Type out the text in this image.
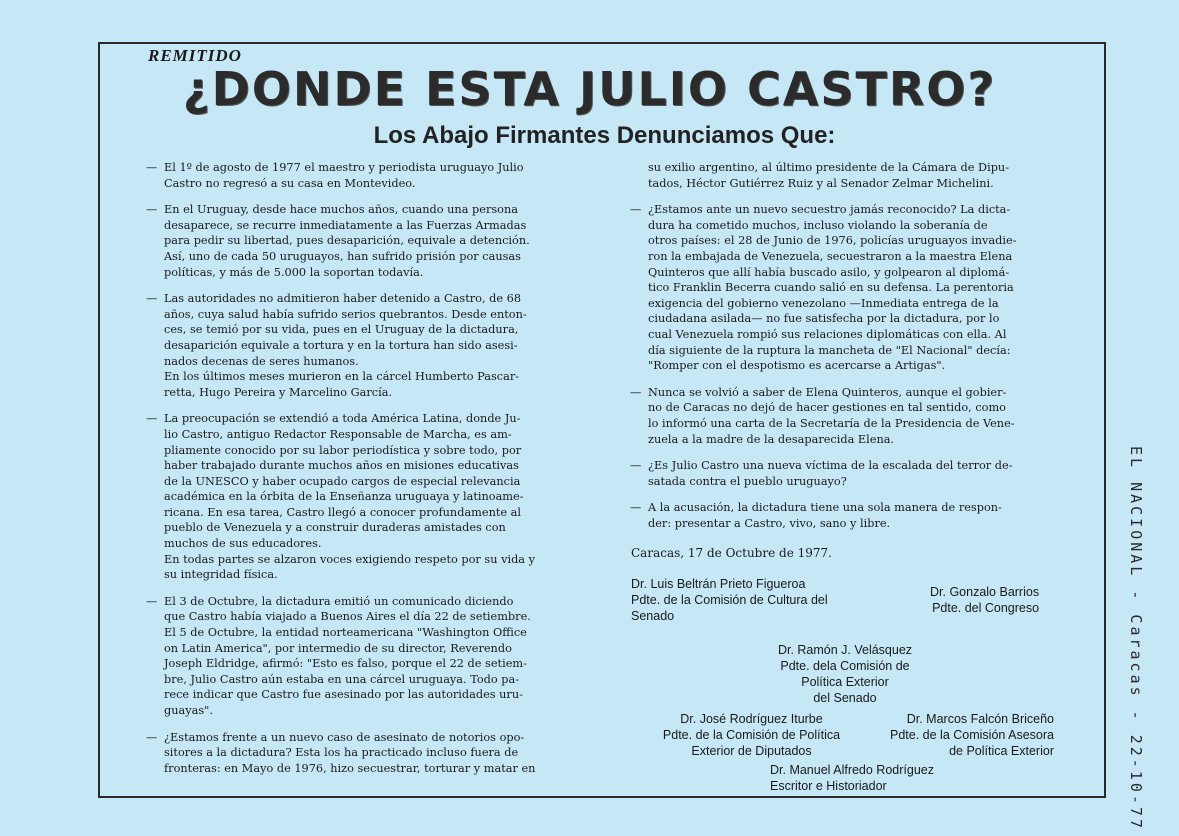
REMITIDO
¿DONDE ESTA JULIO CASTRO?
Los Abajo Firmantes Denunciamos Que:
— El 1º de agosto de 1977 el maestro y periodista uruguayo Julio
Castro no regresó a su casa en Montevideo.
— En el Uruguay, desde hace muchos años, cuando una persona
desaparece, se recurre inmediatamente a las Fuerzas Armadas
para pedir su libertad, pues desaparición, equivale a detención.
Así, uno de cada 50 uruguayos, han sufrido prisión por causas
políticas, y más de 5.000 la soportan todavía.
— Las autoridades no admitieron haber detenido a Castro, de 68
años, cuya salud había sufrido serios quebrantos. Desde enton-
ces, se temió por su vida, pues en el Uruguay de la dictadura,
desaparición equivale a tortura y en la tortura han sido asesi-
nados decenas de seres humanos.
En los últimos meses murieron en la cárcel Humberto Pascar-
retta, Hugo Pereira y Marcelino García.
— La preocupación se extendió a toda América Latina, donde Ju-
lio Castro, antiguo Redactor Responsable de Marcha, es am-
pliamente conocido por su labor periodística y sobre todo, por
haber trabajado durante muchos años en misiones educativas
de la UNESCO y haber ocupado cargos de especial relevancia
académica en la órbita de la Enseñanza uruguaya y latinoame-
ricana. En esa tarea, Castro llegó a conocer profundamente al
pueblo de Venezuela y a construir duraderas amistades con
muchos de sus educadores.
En todas partes se alzaron voces exigiendo respeto por su vida y
su integridad física.
— El 3 de Octubre, la dictadura emitió un comunicado diciendo
que Castro había viajado a Buenos Aires el día 22 de setiembre.
El 5 de Octubre, la entidad norteamericana "Washington Office
on Latin America", por intermedio de su director, Reverendo
Joseph Eldridge, afirmó: "Esto es falso, porque el 22 de setiem-
bre, Julio Castro aún estaba en una cárcel uruguaya. Todo pa-
rece indicar que Castro fue asesinado por las autoridades uru-
guayas".
— ¿Estamos frente a un nuevo caso de asesinato de notorios opo-
sitores a la dictadura? Esta los ha practicado incluso fuera de
fronteras: en Mayo de 1976, hizo secuestrar, torturar y matar en
su exilio argentino, al último presidente de la Cámara de Dipu-
tados, Héctor Gutiérrez Ruiz y al Senador Zelmar Michelini.
— ¿Estamos ante un nuevo secuestro jamás reconocido? La dicta-
dura ha cometido muchos, incluso violando la soberanía de
otros países: el 28 de Junio de 1976, policías uruguayos invadie-
ron la embajada de Venezuela, secuestraron a la maestra Elena
Quinteros que allí había buscado asilo, y golpearon al diplomá-
tico Franklin Becerra cuando salió en su defensa. La perentoria
exigencia del gobierno venezolano —Inmediata entrega de la
ciudadana asilada— no fue satisfecha por la dictadura, por lo
cual Venezuela rompió sus relaciones diplomáticas con ella. Al
día siguiente de la ruptura la mancheta de "El Nacional" decía:
"Romper con el despotismo es acercarse a Artigas".
— Nunca se volvió a saber de Elena Quinteros, aunque el gobier-
no de Caracas no dejó de hacer gestiones en tal sentido, como
lo informó una carta de la Secretaría de la Presidencia de Vene-
zuela a la madre de la desaparecida Elena.
— ¿Es Julio Castro una nueva víctima de la escalada del terror de-
satada contra el pueblo uruguayo?
— A la acusación, la dictadura tiene una sola manera de respon-
der: presentar a Castro, vivo, sano y libre.
Caracas, 17 de Octubre de 1977.
Dr. Luis Beltrán Prieto Figueroa
Pdte. de la Comisión de Cultura del
Senado
Dr. Gonzalo Barrios
Pdte. del Congreso
Dr. Ramón J. Velásquez
Pdte. dela Comisión de
Política Exterior
del Senado
Dr. José Rodríguez Iturbe
Pdte. de la Comisión de Política
Exterior de Diputados
Dr. Marcos Falcón Briceño
Pdte. de la Comisión Asesora
de Política Exterior
Dr. Manuel Alfredo Rodríguez
Escritor e Historiador	EL NACIONAL - Caracas - 22-10-77
